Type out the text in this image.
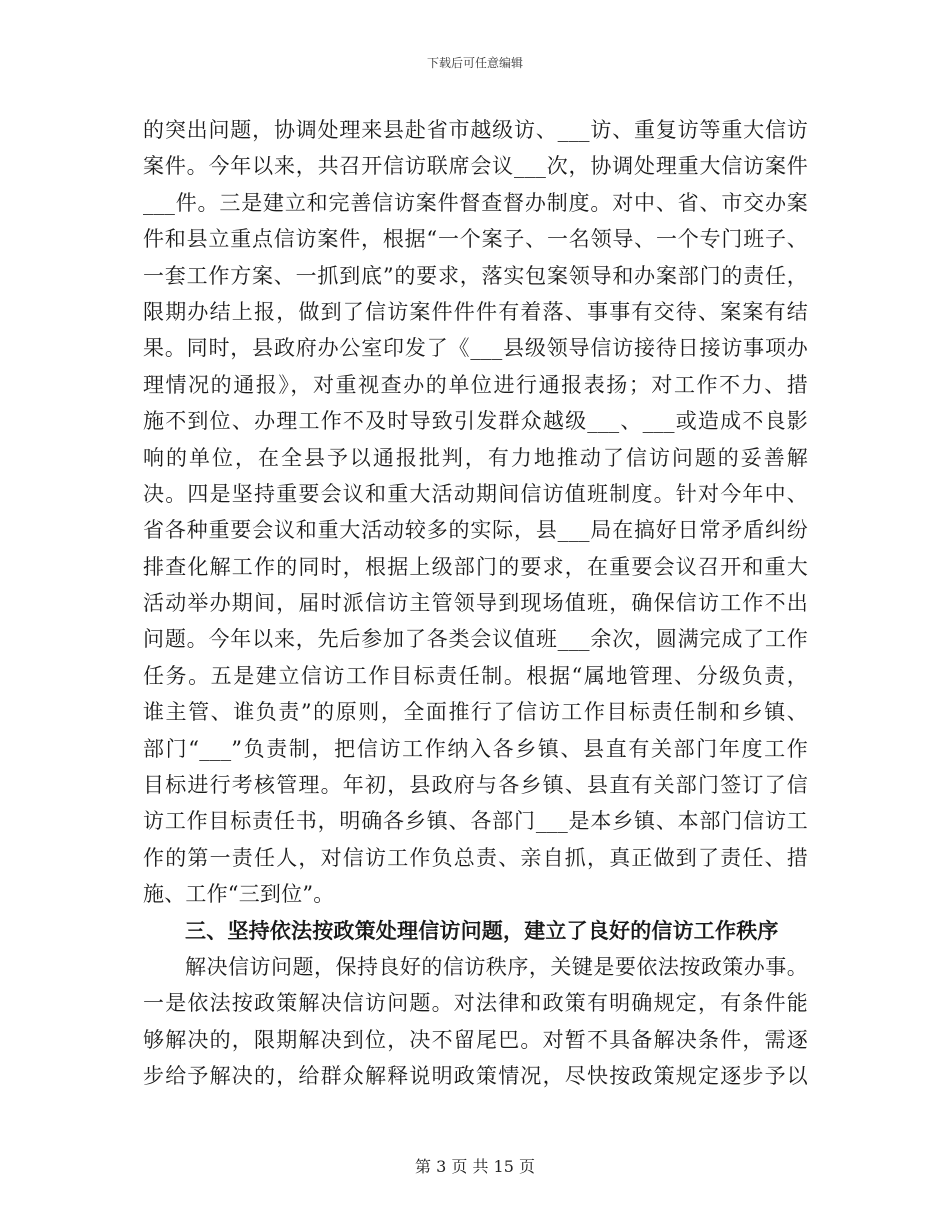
下载后可任意编辑
的突出问题，协调处理来县赴省市越级访、___访、重复访等重大信访
案件。今年以来，共召开信访联席会议___次，协调处理重大信访案件
___件。三是建立和完善信访案件督查督办制度。对中、省、市交办案
件和县立重点信访案件，根据“一个案子、一名领导、一个专门班子、
一套工作方案、一抓到底”的要求，落实包案领导和办案部门的责任，
限期办结上报，做到了信访案件件件有着落、事事有交待、案案有结
果。同时，县政府办公室印发了《___县级领导信访接待日接访事项办
理情况的通报》，对重视查办的单位进行通报表扬；对工作不力、措
施不到位、办理工作不及时导致引发群众越级___、___或造成不良影
响的单位，在全县予以通报批判，有力地推动了信访问题的妥善解
决。四是坚持重要会议和重大活动期间信访值班制度。针对今年中、
省各种重要会议和重大活动较多的实际，县___局在搞好日常矛盾纠纷
排查化解工作的同时，根据上级部门的要求，在重要会议召开和重大
活动举办期间，届时派信访主管领导到现场值班，确保信访工作不出
问题。今年以来，先后参加了各类会议值班___余次，圆满完成了工作
任务。五是建立信访工作目标责任制。根据“属地管理、分级负责，
谁主管、谁负责”的原则，全面推行了信访工作目标责任制和乡镇、
部门“___”负责制，把信访工作纳入各乡镇、县直有关部门年度工作
目标进行考核管理。年初，县政府与各乡镇、县直有关部门签订了信
访工作目标责任书，明确各乡镇、各部门___是本乡镇、本部门信访工
作的第一责任人，对信访工作负总责、亲自抓，真正做到了责任、措
施、工作“三到位”。
三、坚持依法按政策处理信访问题，建立了良好的信访工作秩序
解决信访问题，保持良好的信访秩序，关键是要依法按政策办事。
一是依法按政策解决信访问题。对法律和政策有明确规定，有条件能
够解决的，限期解决到位，决不留尾巴。对暂不具备解决条件，需逐
步给予解决的，给群众解释说明政策情况，尽快按政策规定逐步予以
第 3 页 共 15 页
